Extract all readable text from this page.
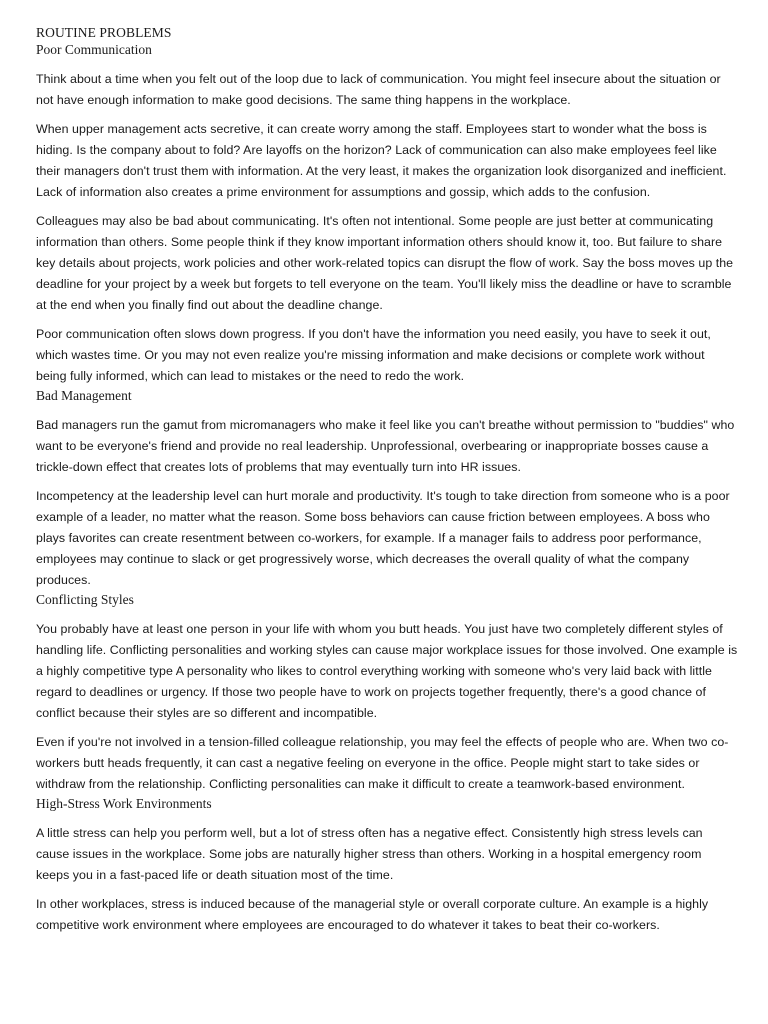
ROUTINE PROBLEMS
Poor Communication

Think about a time when you felt out of the loop due to lack of communication. You might feel insecure about the situation or not have enough information to make good decisions. The same thing happens in the workplace.

When upper management acts secretive, it can create worry among the staff. Employees start to wonder what the boss is hiding. Is the company about to fold? Are layoffs on the horizon? Lack of communication can also make employees feel like their managers don't trust them with information. At the very least, it makes the organization look disorganized and inefficient. Lack of information also creates a prime environment for assumptions and gossip, which adds to the confusion.

Colleagues may also be bad about communicating. It's often not intentional. Some people are just better at communicating information than others. Some people think if they know important information others should know it, too. But failure to share key details about projects, work policies and other work-related topics can disrupt the flow of work. Say the boss moves up the deadline for your project by a week but forgets to tell everyone on the team. You'll likely miss the deadline or have to scramble at the end when you finally find out about the deadline change.

Poor communication often slows down progress. If you don't have the information you need easily, you have to seek it out, which wastes time. Or you may not even realize you're missing information and make decisions or complete work without being fully informed, which can lead to mistakes or the need to redo the work.

Bad Management

Bad managers run the gamut from micromanagers who make it feel like you can't breathe without permission to "buddies" who want to be everyone's friend and provide no real leadership. Unprofessional, overbearing or inappropriate bosses cause a trickle-down effect that creates lots of problems that may eventually turn into HR issues.

Incompetency at the leadership level can hurt morale and productivity. It's tough to take direction from someone who is a poor example of a leader, no matter what the reason. Some boss behaviors can cause friction between employees. A boss who plays favorites can create resentment between co-workers, for example. If a manager fails to address poor performance, employees may continue to slack or get progressively worse, which decreases the overall quality of what the company produces.

Conflicting Styles

You probably have at least one person in your life with whom you butt heads. You just have two completely different styles of handling life. Conflicting personalities and working styles can cause major workplace issues for those involved. One example is a highly competitive type A personality who likes to control everything working with someone who's very laid back with little regard to deadlines or urgency. If those two people have to work on projects together frequently, there's a good chance of conflict because their styles are so different and incompatible.

Even if you're not involved in a tension-filled colleague relationship, you may feel the effects of people who are. When two co-workers butt heads frequently, it can cast a negative feeling on everyone in the office. People might start to take sides or withdraw from the relationship. Conflicting personalities can make it difficult to create a teamwork-based environment.

High-Stress Work Environments

A little stress can help you perform well, but a lot of stress often has a negative effect. Consistently high stress levels can cause issues in the workplace. Some jobs are naturally higher stress than others. Working in a hospital emergency room keeps you in a fast-paced life or death situation most of the time.

In other workplaces, stress is induced because of the managerial style or overall corporate culture. An example is a highly competitive work environment where employees are encouraged to do whatever it takes to beat their co-workers.
